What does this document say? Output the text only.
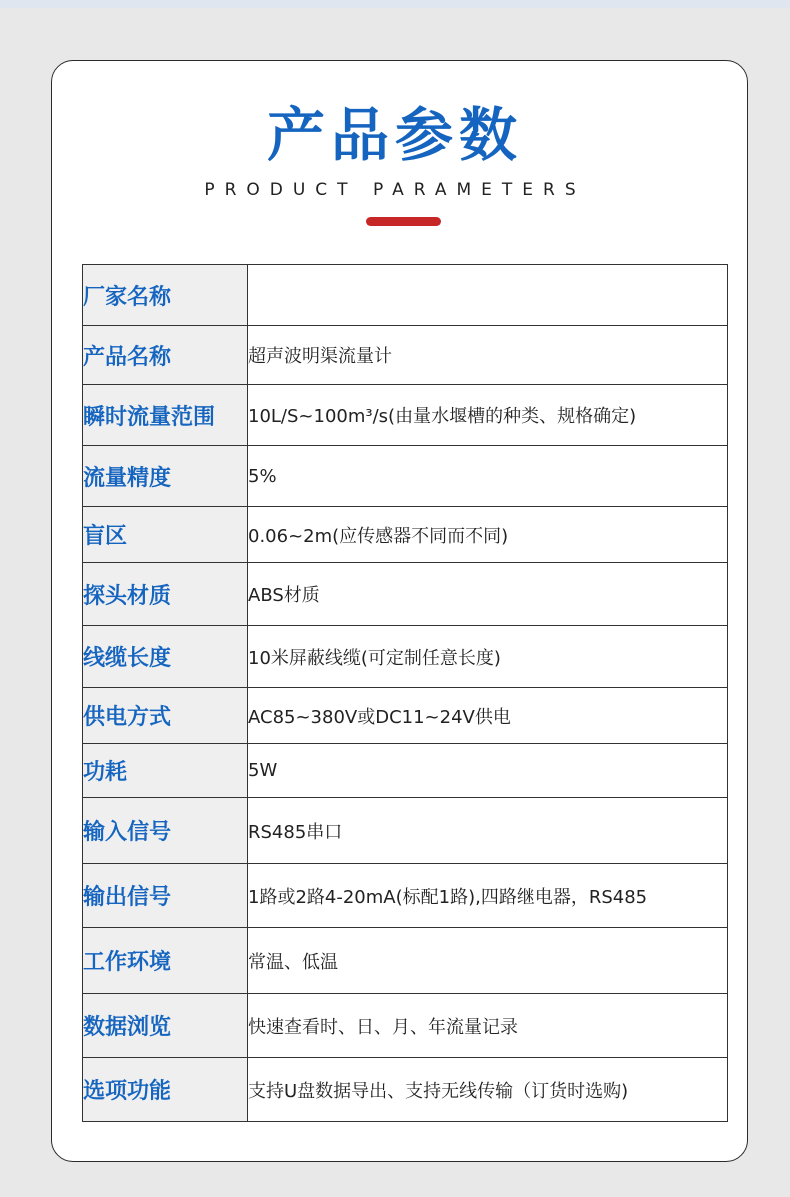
产品参数
PRODUCT PARAMETERS
厂家名称	
产品名称	超声波明渠流量计
瞬时流量范围	10L/S~100m³/s(由量水堰槽的种类、规格确定)
流量精度	5%
盲区	0.06~2m(应传感器不同而不同)
探头材质	ABS材质
线缆长度	10米屏蔽线缆(可定制任意长度)
供电方式	AC85~380V或DC11~24V供电
功耗	5W
输入信号	RS485串口
输出信号	1路或2路4-20mA(标配1路),四路继电器，RS485
工作环境	常温、低温
数据浏览	快速查看时、日、月、年流量记录
选项功能	支持U盘数据导出、支持无线传输（订货时选购)
